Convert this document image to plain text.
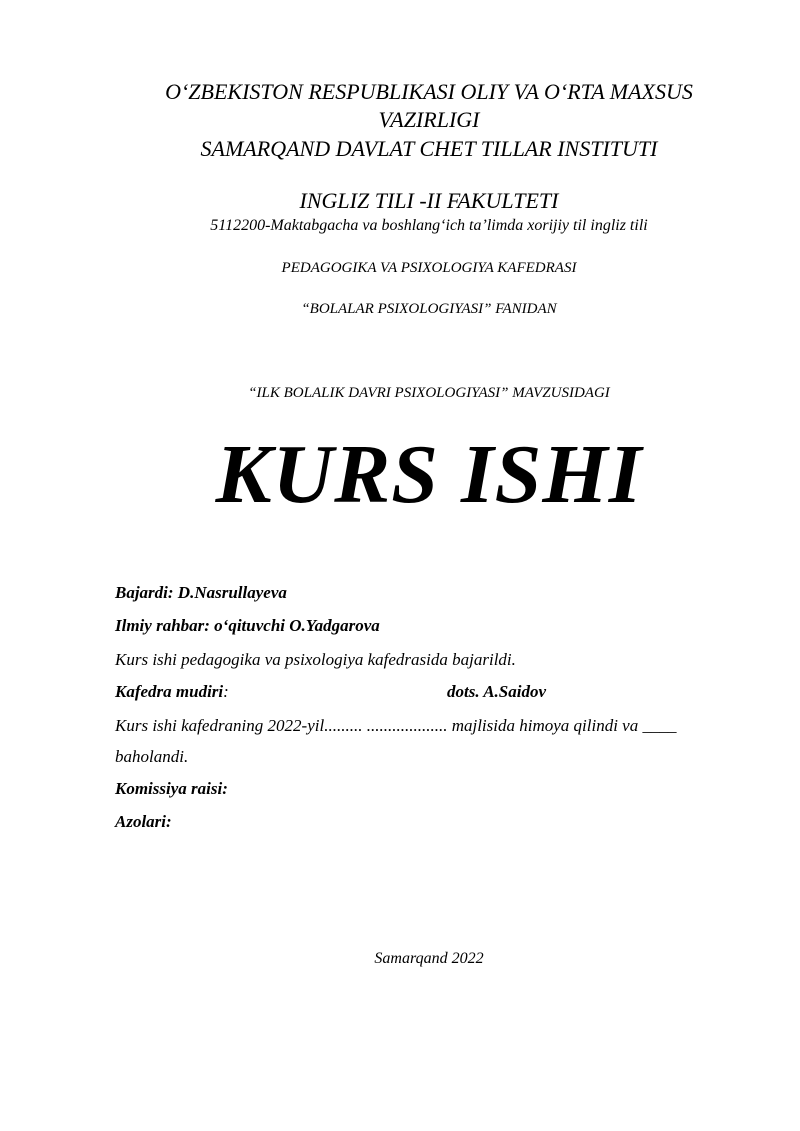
O‘ZBEKISTON RESPUBLIKASI OLIY VA O‘RTA MAXSUS
VAZIRLIGI
SAMARQAND DAVLAT CHET TILLAR INSTITUTI
INGLIZ TILI -II FAKULTETI
5112200-Maktabgacha va boshlang‘ich ta’limda xorijiy til ingliz tili
PEDAGOGIKA VA PSIXOLOGIYA KAFEDRASI
“BOLALAR PSIXOLOGIYASI” FANIDAN
“ILK BOLALIK DAVRI PSIXOLOGIYASI” MAVZUSIDAGI
KURS ISHI
Bajardi: D.Nasrullayeva
Ilmiy rahbar: o‘qituvchi O.Yadgarova
Kurs ishi pedagogika va psixologiya kafedrasida bajarildi.
Kafedra mudiri:	dots. A.Saidov
Kurs ishi kafedraning 2022-yil......... ................... majlisida himoya qilindi va ____
baholandi.
Komissiya raisi:
Azolari:
Samarqand 2022
